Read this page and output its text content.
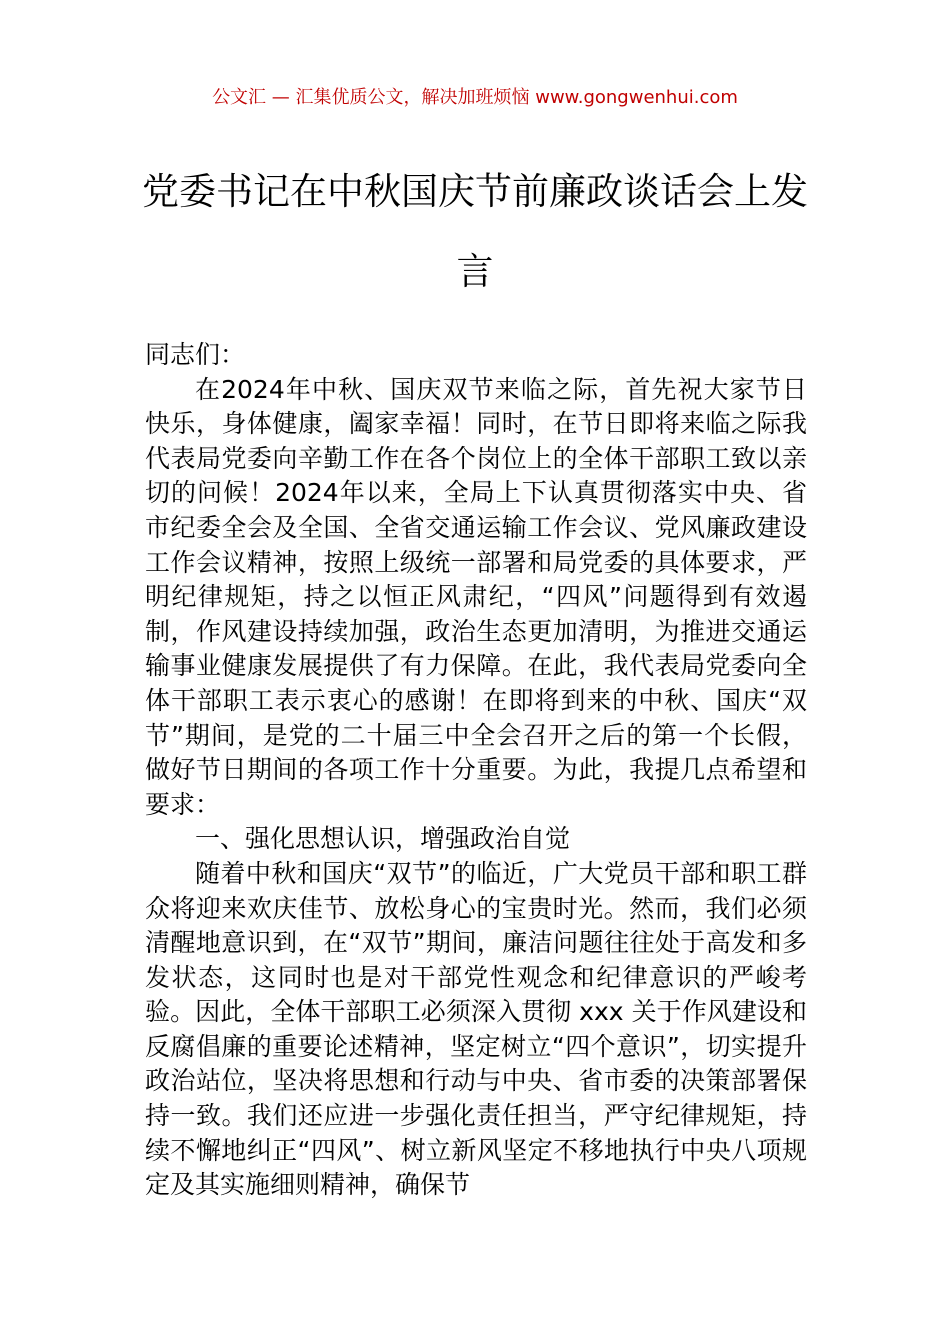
公文汇 — 汇集优质公文，解决加班烦恼 www.gongwenhui.com
党委书记在中秋国庆节前廉政谈话会上发言

同志们：

在2024年中秋、国庆双节来临之际，首先祝大家节日快乐，身体健康，阖家幸福！同时，在节日即将来临之际我代表局党委向辛勤工作在各个岗位上的全体干部职工致以亲切的问候！2024年以来，全局上下认真贯彻落实中央、省市纪委全会及全国、全省交通运输工作会议、党风廉政建设工作会议精神，按照上级统一部署和局党委的具体要求，严明纪律规矩，持之以恒正风肃纪，“四风”问题得到有效遏制，作风建设持续加强，政治生态更加清明，为推进交通运输事业健康发展提供了有力保障。在此，我代表局党委向全体干部职工表示衷心的感谢！在即将到来的中秋、国庆“双节”期间，是党的二十届三中全会召开之后的第一个长假，做好节日期间的各项工作十分重要。为此，我提几点希望和要求：

一、强化思想认识，增强政治自觉

随着中秋和国庆“双节”的临近，广大党员干部和职工群众将迎来欢庆佳节、放松身心的宝贵时光。然而，我们必须清醒地意识到，在“双节”期间，廉洁问题往往处于高发和多发状态，这同时也是对干部党性观念和纪律意识的严峻考验。因此，全体干部职工必须深入贯彻 xxx 关于作风建设和反腐倡廉的重要论述精神，坚定树立“四个意识”，切实提升政治站位，坚决将思想和行动与中央、省市委的决策部署保持一致。我们还应进一步强化责任担当，严守纪律规矩，持续不懈地纠正“四风”、树立新风坚定不移地执行中央八项规定及其实施细则精神，确保节
